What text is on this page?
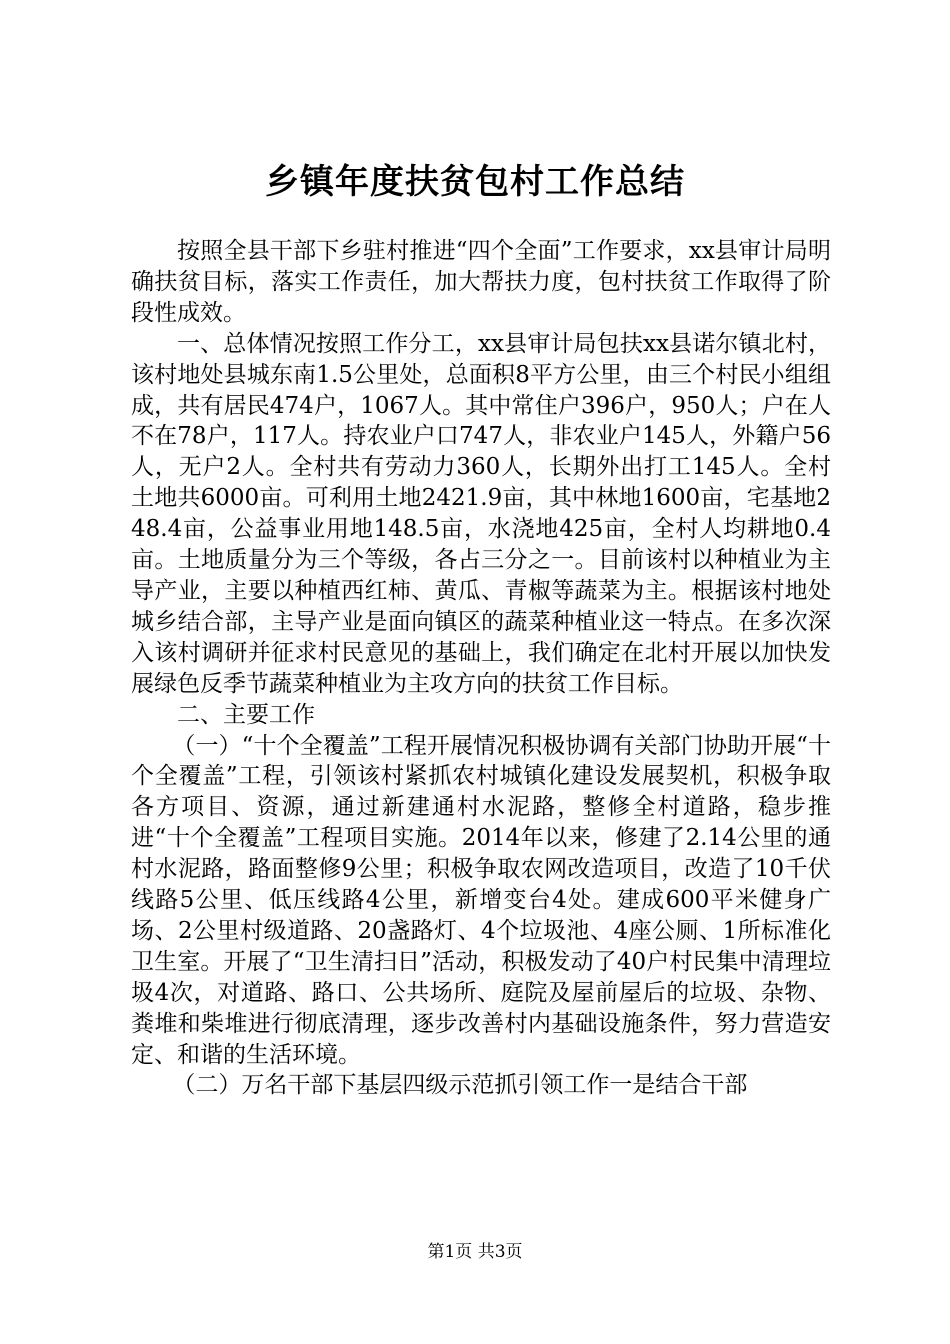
乡镇年度扶贫包村工作总结

按照全县干部下乡驻村推进“四个全面”工作要求，xx县审计局明确扶贫目标，落实工作责任，加大帮扶力度，包村扶贫工作取得了阶段性成效。

一、总体情况按照工作分工，xx县审计局包扶xx县诺尔镇北村，该村地处县城东南1.5公里处，总面积8平方公里，由三个村民小组组成，共有居民474户，1067人。其中常住户396户，950人；户在人不在78户，117人。持农业户口747人，非农业户145人，外籍户56人，无户2人。全村共有劳动力360人，长期外出打工145人。全村土地共6000亩。可利用土地2421.9亩，其中林地1600亩，宅基地248.4亩，公益事业用地148.5亩，水浇地425亩，全村人均耕地0.4亩。土地质量分为三个等级，各占三分之一。目前该村以种植业为主导产业，主要以种植西红柿、黄瓜、青椒等蔬菜为主。根据该村地处城乡结合部，主导产业是面向镇区的蔬菜种植业这一特点。在多次深入该村调研并征求村民意见的基础上，我们确定在北村开展以加快发展绿色反季节蔬菜种植业为主攻方向的扶贫工作目标。

二、主要工作

（一）“十个全覆盖”工程开展情况积极协调有关部门协助开展“十个全覆盖”工程，引领该村紧抓农村城镇化建设发展契机，积极争取各方项目、资源，通过新建通村水泥路，整修全村道路，稳步推进“十个全覆盖”工程项目实施。2014年以来，修建了2.14公里的通村水泥路，路面整修9公里；积极争取农网改造项目，改造了10千伏线路5公里、低压线路4公里，新增变台4处。建成600平米健身广场、2公里村级道路、20盏路灯、4个垃圾池、4座公厕、1所标准化卫生室。开展了“卫生清扫日”活动，积极发动了40户村民集中清理垃圾4次，对道路、路口、公共场所、庭院及屋前屋后的垃圾、杂物、粪堆和柴堆进行彻底清理，逐步改善村内基础设施条件，努力营造安定、和谐的生活环境。

（二）万名干部下基层四级示范抓引领工作一是结合干部

第1页 共3页
